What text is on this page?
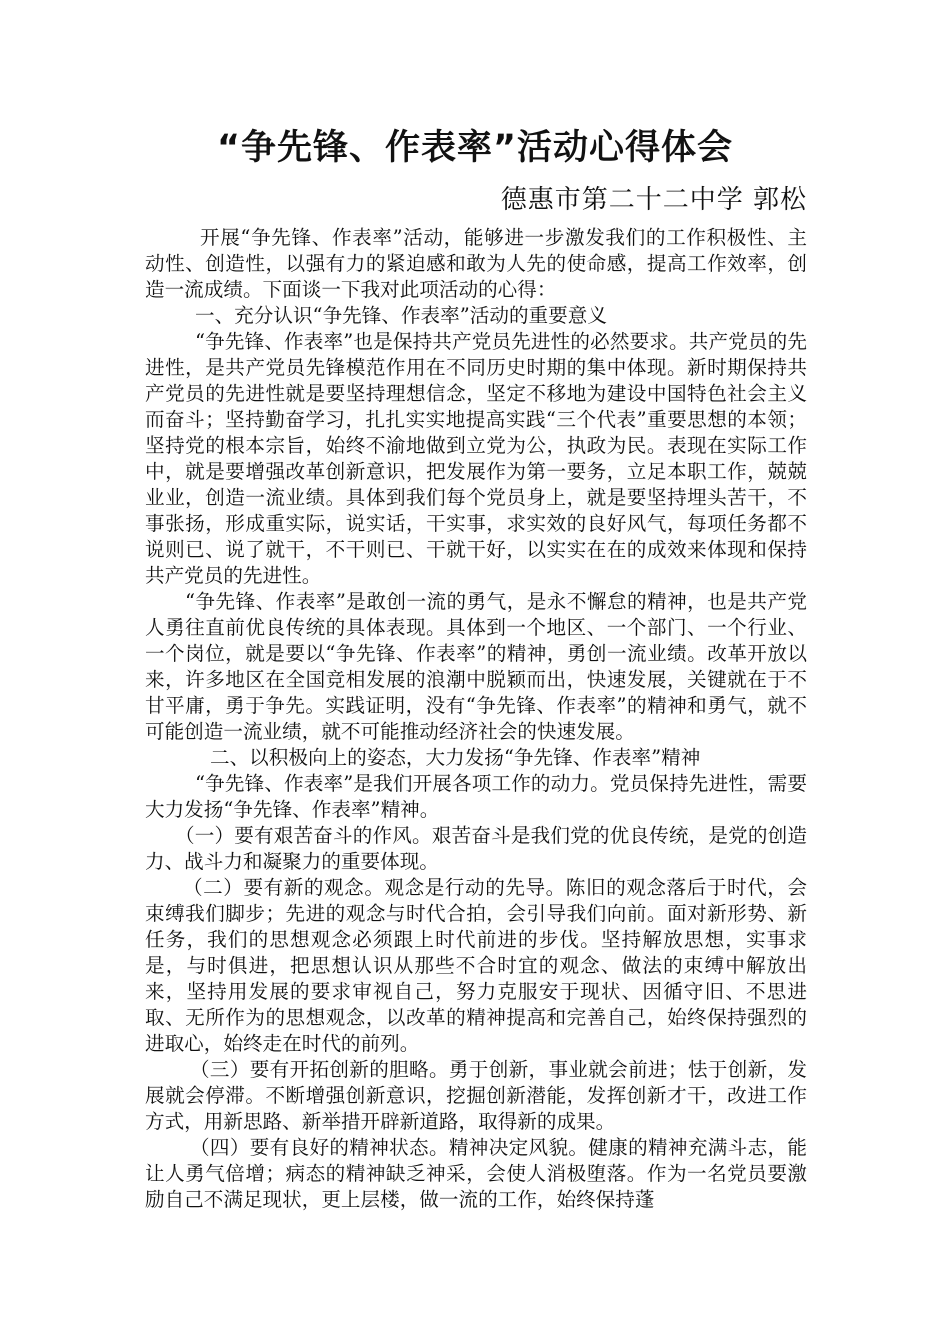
“争先锋、作表率”活动心得体会
德惠市第二十二中学 郭松

开展“争先锋、作表率”活动，能够进一步激发我们的工作积极性、主动性、创造性，以强有力的紧迫感和敢为人先的使命感，提高工作效率，创造一流成绩。下面谈一下我对此项活动的心得：

一、充分认识“争先锋、作表率”活动的重要意义

“争先锋、作表率”也是保持共产党员先进性的必然要求。共产党员的先进性，是共产党员先锋模范作用在不同历史时期的集中体现。新时期保持共产党员的先进性就是要坚持理想信念，坚定不移地为建设中国特色社会主义而奋斗；坚持勤奋学习，扎扎实实地提高实践“三个代表”重要思想的本领；坚持党的根本宗旨，始终不渝地做到立党为公，执政为民。表现在实际工作中，就是要增强改革创新意识，把发展作为第一要务，立足本职工作，兢兢业业，创造一流业绩。具体到我们每个党员身上，就是要坚持埋头苦干，不事张扬，形成重实际，说实话，干实事，求实效的良好风气，每项任务都不说则已、说了就干，不干则已、干就干好，以实实在在的成效来体现和保持共产党员的先进性。

“争先锋、作表率”是敢创一流的勇气，是永不懈怠的精神，也是共产党人勇往直前优良传统的具体表现。具体到一个地区、一个部门、一个行业、一个岗位，就是要以“争先锋、作表率”的精神，勇创一流业绩。改革开放以来，许多地区在全国竞相发展的浪潮中脱颖而出，快速发展，关键就在于不甘平庸，勇于争先。实践证明，没有“争先锋、作表率”的精神和勇气，就不可能创造一流业绩，就不可能推动经济社会的快速发展。

二、以积极向上的姿态，大力发扬“争先锋、作表率”精神

“争先锋、作表率”是我们开展各项工作的动力。党员保持先进性，需要大力发扬“争先锋、作表率”精神。

（一）要有艰苦奋斗的作风。艰苦奋斗是我们党的优良传统，是党的创造力、战斗力和凝聚力的重要体现。

（二）要有新的观念。观念是行动的先导。陈旧的观念落后于时代，会束缚我们脚步；先进的观念与时代合拍，会引导我们向前。面对新形势、新任务，我们的思想观念必须跟上时代前进的步伐。坚持解放思想，实事求是，与时俱进，把思想认识从那些不合时宜的观念、做法的束缚中解放出来，坚持用发展的要求审视自己，努力克服安于现状、因循守旧、不思进取、无所作为的思想观念，以改革的精神提高和完善自己，始终保持强烈的进取心，始终走在时代的前列。

（三）要有开拓创新的胆略。勇于创新，事业就会前进；怯于创新，发展就会停滞。不断增强创新意识，挖掘创新潜能，发挥创新才干，改进工作方式，用新思路、新举措开辟新道路，取得新的成果。

（四）要有良好的精神状态。精神决定风貌。健康的精神充满斗志，能让人勇气倍增；病态的精神缺乏神采，会使人消极堕落。作为一名党员要激励自己不满足现状，更上层楼，做一流的工作，始终保持蓬
